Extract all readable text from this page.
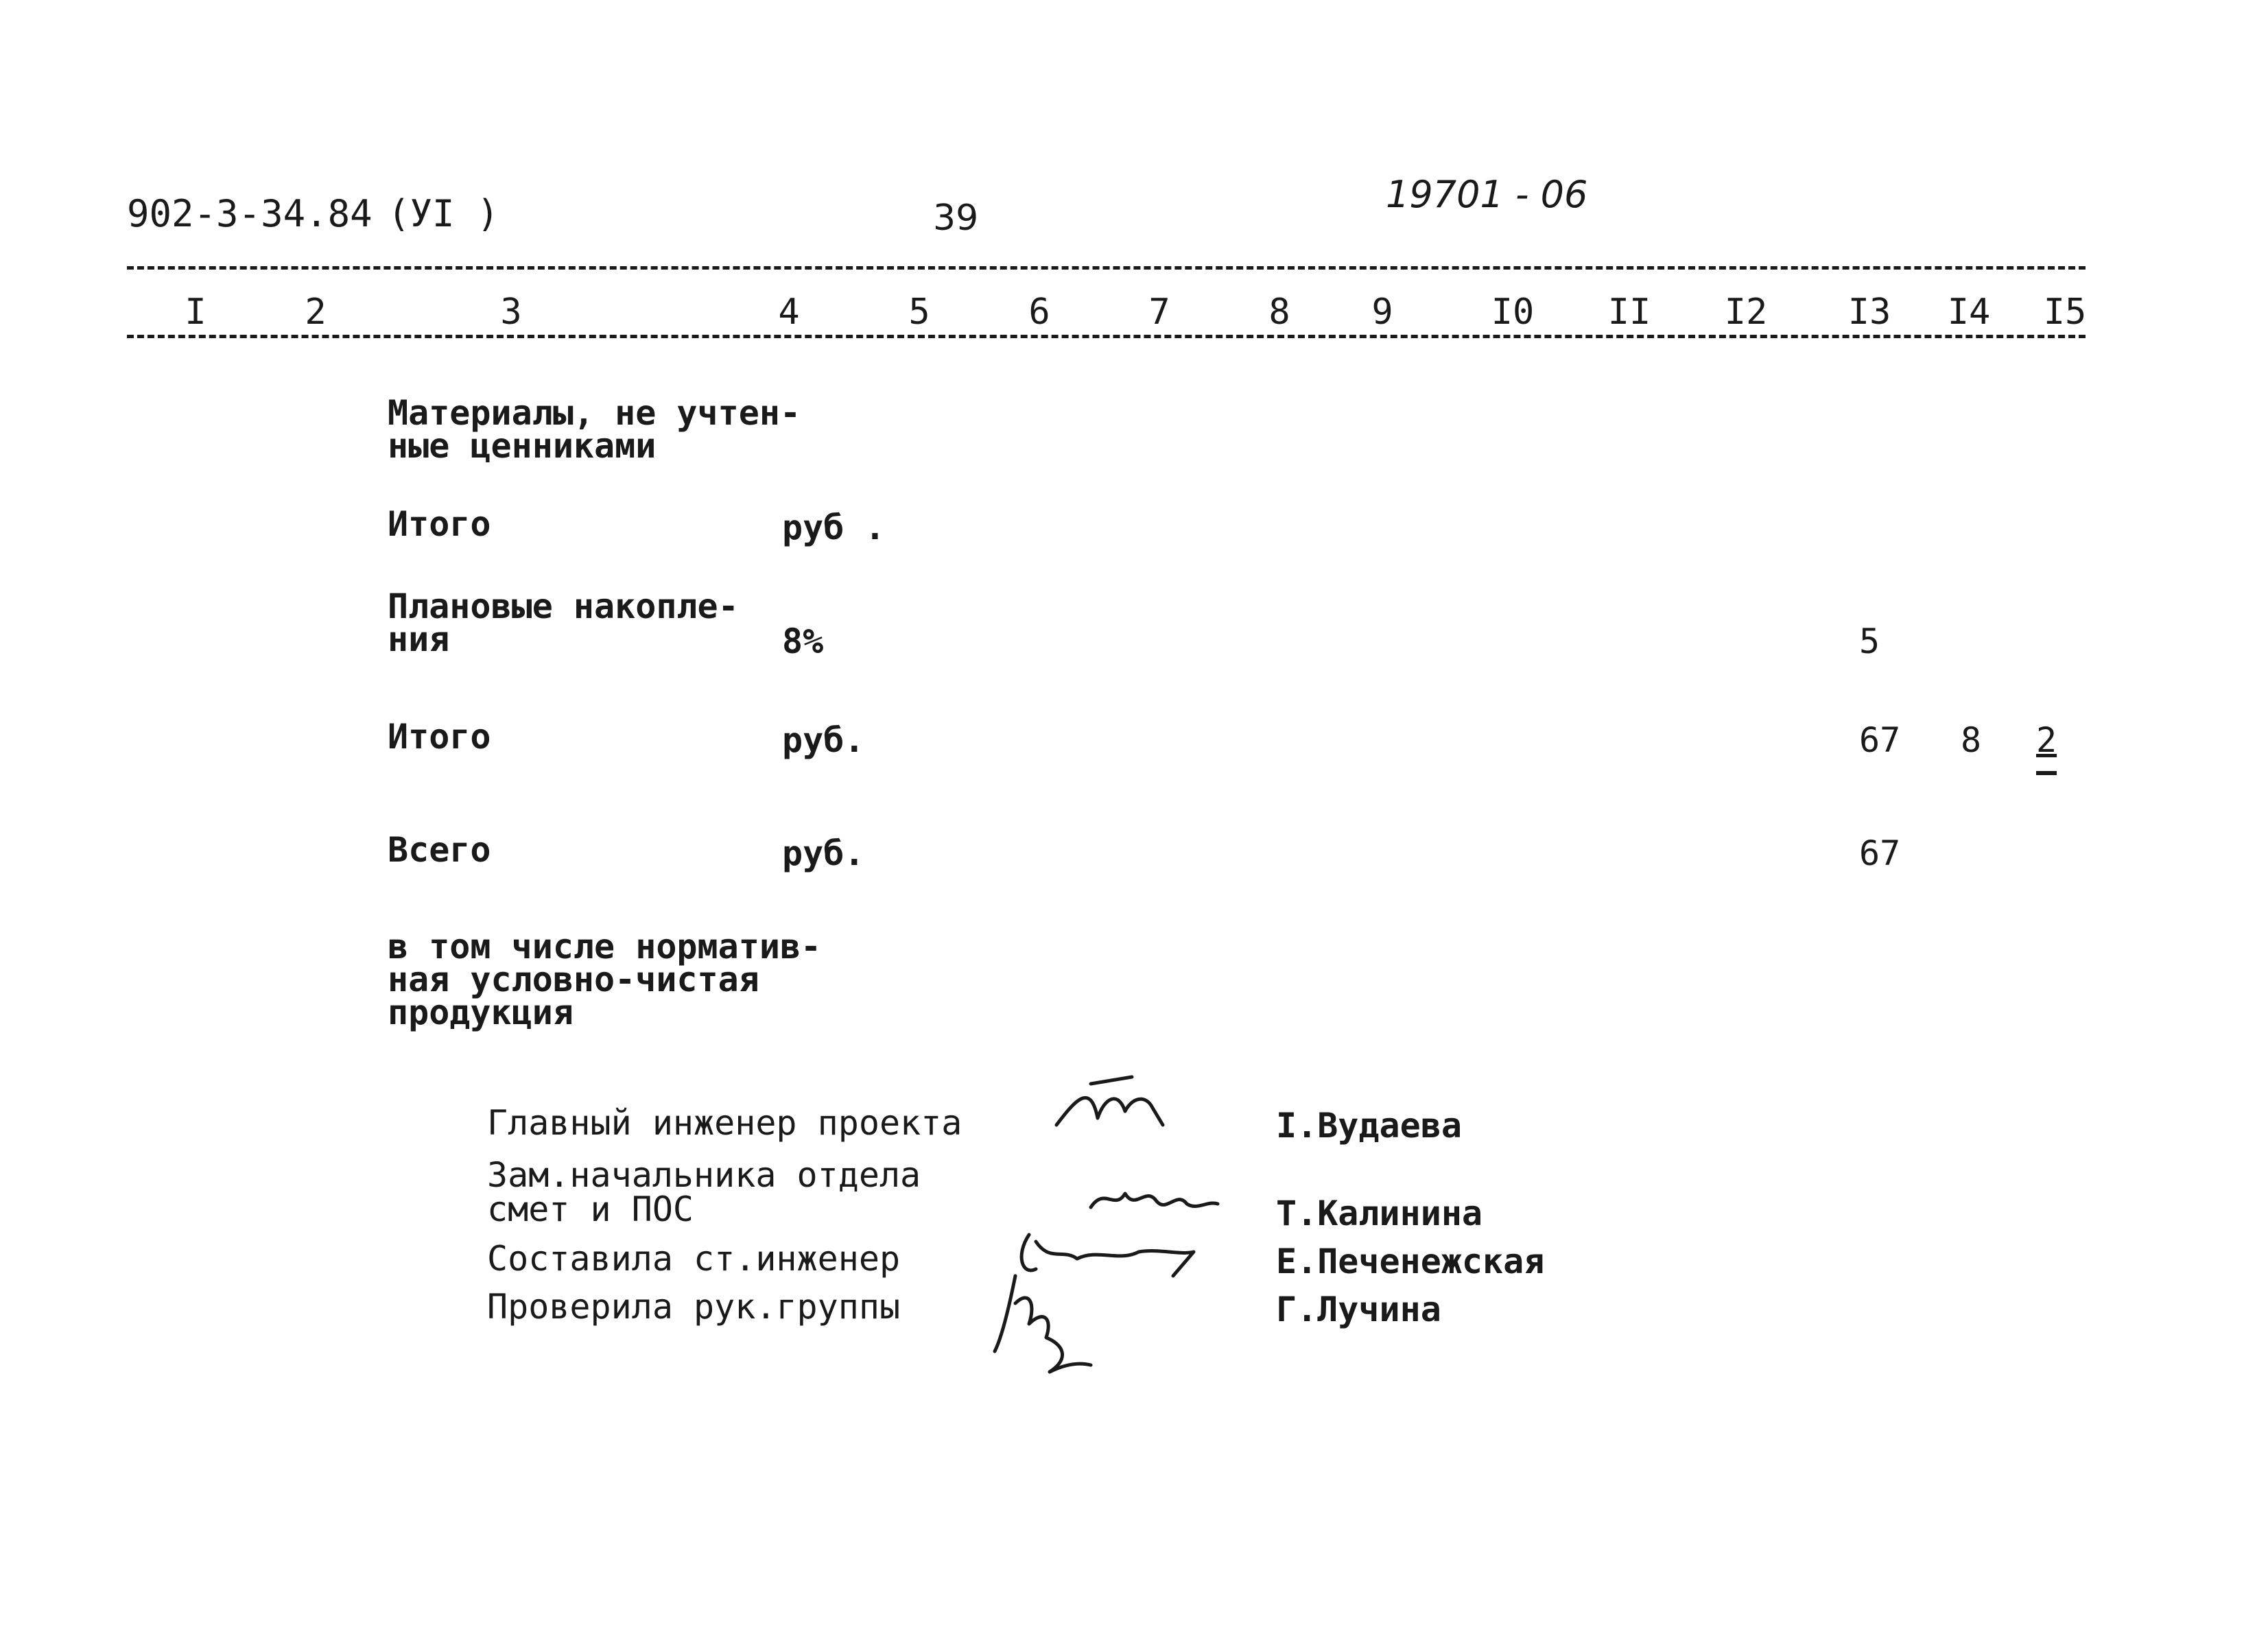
902-3-34.84 (УI )	39
19701 - 06
I	2	3	4	5	6	7	8	9	I0 II I2 I3 I4 I5
Материалы, не учтен-
ные ценниками
Итого	руб .
Плановые накопле-
ния	8%	5
Итого	руб.	67 8 2
Всего	руб.	67
в том числе норматив-
ная условно-чистая
продукция
Главный инженер проекта	I.Вудаева
Зам.начальника отдела
смет и ПОС	Т.Калинина
Составила ст.инженер	Е.Печенежская
Проверила рук.группы	Г.Лучина
